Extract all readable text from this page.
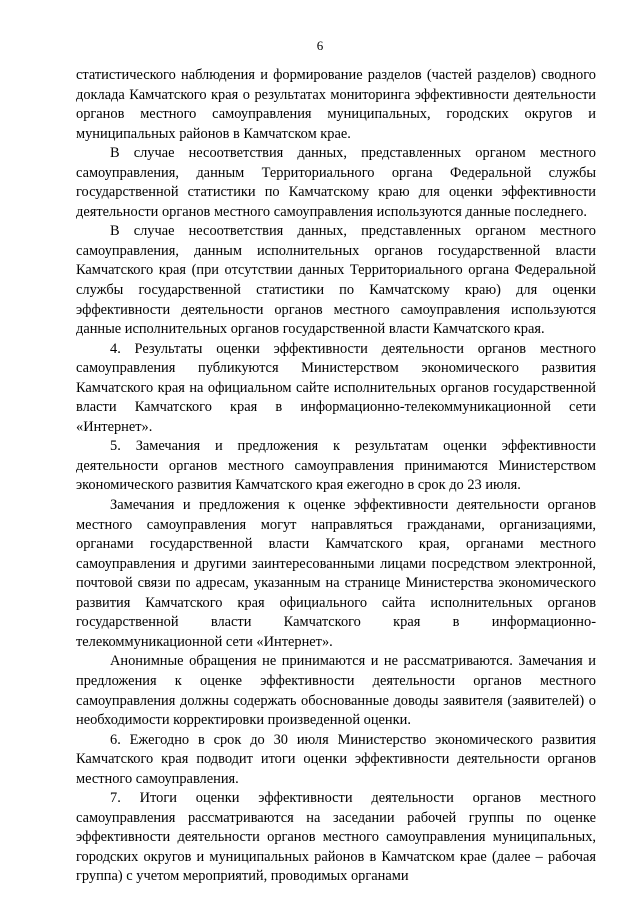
6

статистического наблюдения и формирование разделов (частей разделов) сводного доклада Камчатского края о результатах мониторинга эффективности деятельности органов местного самоуправления муниципальных, городских округов и муниципальных районов в Камчатском крае.

В случае несоответствия данных, представленных органом местного самоуправления, данным Территориального органа Федеральной службы государственной статистики по Камчатскому краю для оценки эффективности деятельности органов местного самоуправления используются данные последнего.

В случае несоответствия данных, представленных органом местного самоуправления, данным исполнительных органов государственной власти Камчатского края (при отсутствии данных Территориального органа Федеральной службы государственной статистики по Камчатскому краю) для оценки эффективности деятельности органов местного самоуправления используются данные исполнительных органов государственной власти Камчатского края.

4. Результаты оценки эффективности деятельности органов местного самоуправления публикуются Министерством экономического развития Камчатского края на официальном сайте исполнительных органов государственной власти Камчатского края в информационно-телекоммуникационной сети «Интернет».

5. Замечания и предложения к результатам оценки эффективности деятельности органов местного самоуправления принимаются Министерством экономического развития Камчатского края ежегодно в срок до 23 июля.

Замечания и предложения к оценке эффективности деятельности органов местного самоуправления могут направляться гражданами, организациями, органами государственной власти Камчатского края, органами местного самоуправления и другими заинтересованными лицами посредством электронной, почтовой связи по адресам, указанным на странице Министерства экономического развития Камчатского края официального сайта исполнительных органов государственной власти Камчатского края в информационно-телекоммуникационной сети «Интернет».

Анонимные обращения не принимаются и не рассматриваются. Замечания и предложения к оценке эффективности деятельности органов местного самоуправления должны содержать обоснованные доводы заявителя (заявителей) о необходимости корректировки произведенной оценки.

6. Ежегодно в срок до 30 июля Министерство экономического развития Камчатского края подводит итоги оценки эффективности деятельности органов местного самоуправления.

7. Итоги оценки эффективности деятельности органов местного самоуправления рассматриваются на заседании рабочей группы по оценке эффективности деятельности органов местного самоуправления муниципальных, городских округов и муниципальных районов в Камчатском крае (далее – рабочая группа) с учетом мероприятий, проводимых органами
